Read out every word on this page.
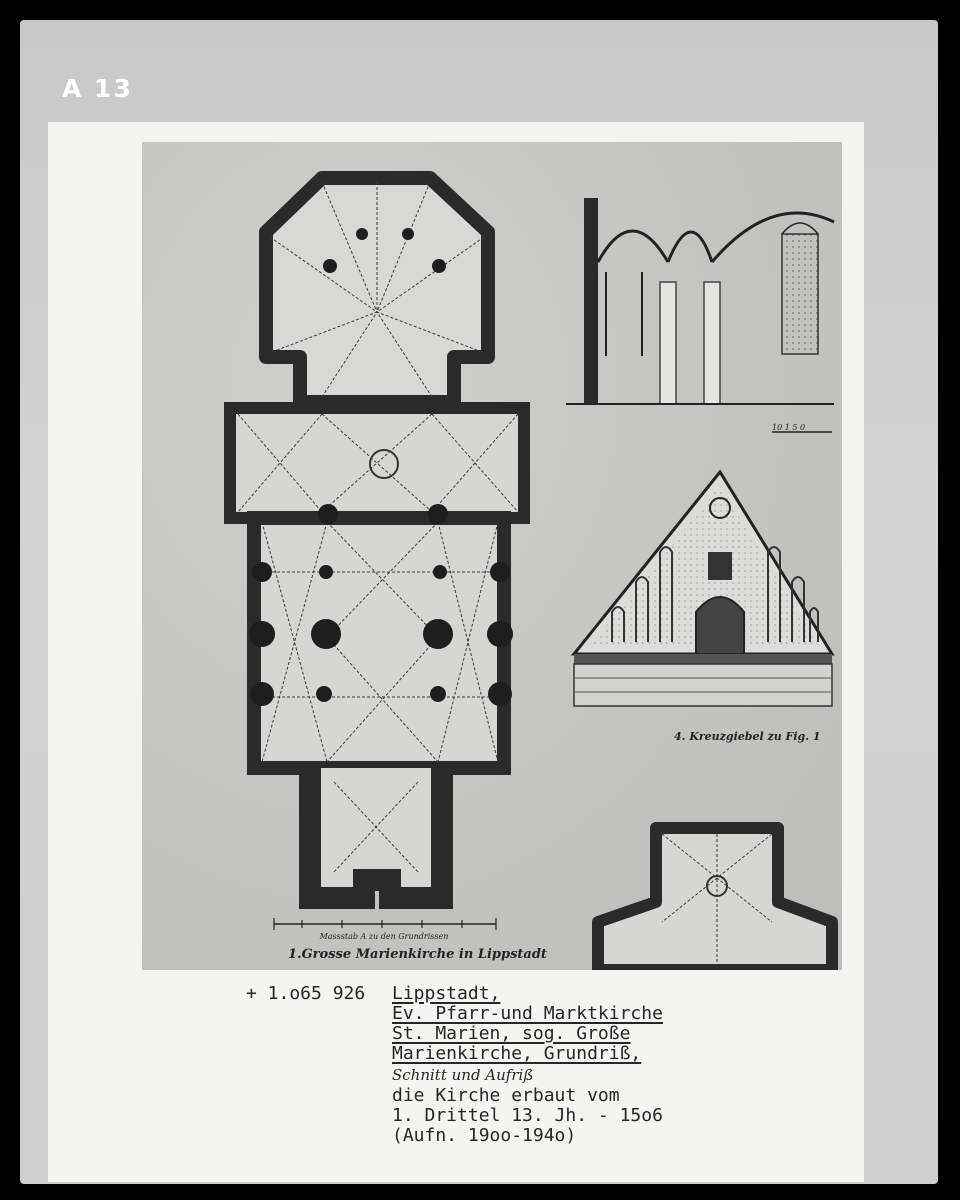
A 13
Massstab A zu den Grundrissen
1.Grosse Marienkirche in Lippstadt
10 1 5 0
4. Kreuzgiebel zu Fig. 1
+ 1.o65 926 Lippstadt,
Ev. Pfarr-und Marktkirche
St. Marien, sog. Große
Marienkirche, Grundriß,
Schnitt und Aufriß
die Kirche erbaut vom
1. Drittel 13. Jh. - 15o6
(Aufn. 19oo-194o)
